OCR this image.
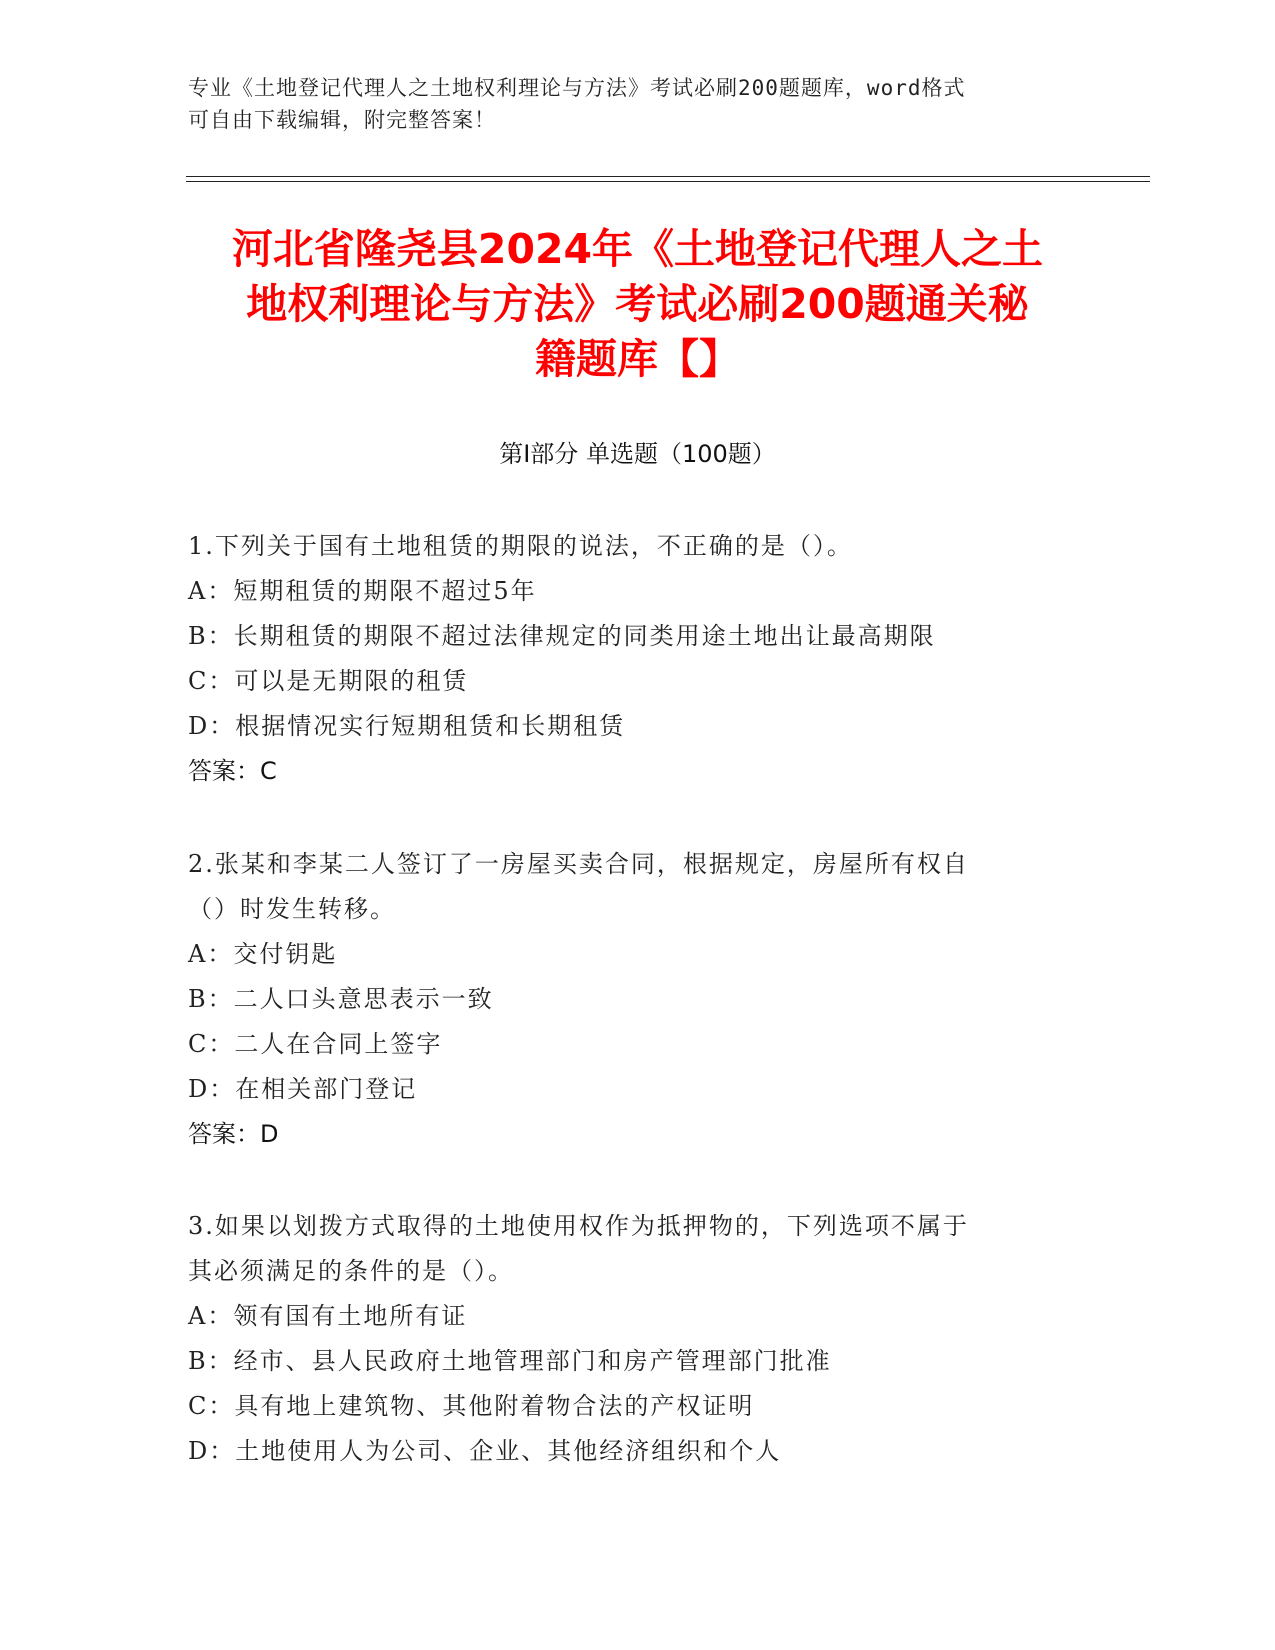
专业《土地登记代理人之土地权利理论与方法》考试必刷200题题库，word格式
可自由下载编辑，附完整答案！
河北省隆尧县2024年《土地登记代理人之土
地权利理论与方法》考试必刷200题通关秘
籍题库【】
第Ⅰ部分 单选题（100题）
1.下列关于国有土地租赁的期限的说法，不正确的是（）。
A：短期租赁的期限不超过5年
B：长期租赁的期限不超过法律规定的同类用途土地出让最高期限
C：可以是无期限的租赁
D：根据情况实行短期租赁和长期租赁
答案：C
2.张某和李某二人签订了一房屋买卖合同，根据规定，房屋所有权自
（）时发生转移。
A：交付钥匙
B：二人口头意思表示一致
C：二人在合同上签字
D：在相关部门登记
答案：D
3.如果以划拨方式取得的土地使用权作为抵押物的，下列选项不属于
其必须满足的条件的是（）。
A：领有国有土地所有证
B：经市、县人民政府土地管理部门和房产管理部门批准
C：具有地上建筑物、其他附着物合法的产权证明
D：土地使用人为公司、企业、其他经济组织和个人
